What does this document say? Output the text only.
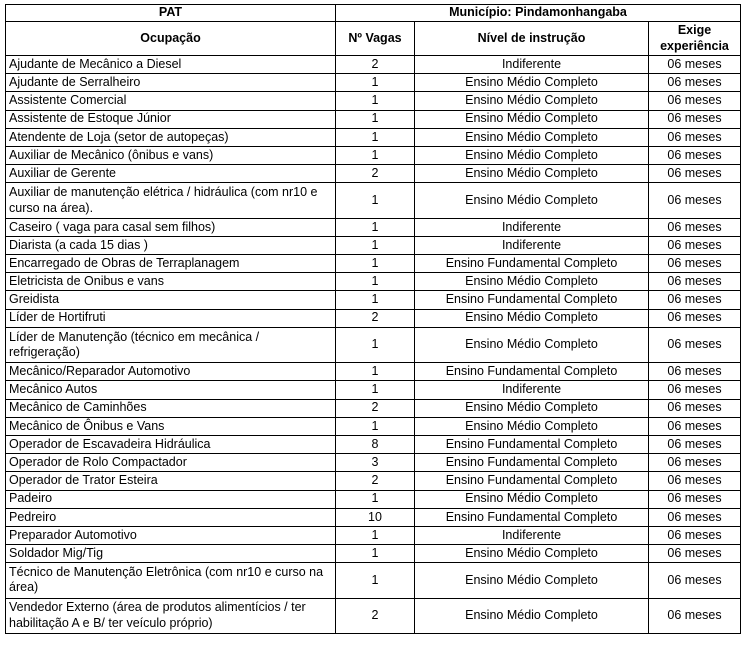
PAT	Município: Pindamonhangaba		
Ocupação	Nº Vagas	Nível de instrução	Exige experiência
Ajudante de Mecânico a Diesel	2	Indiferente	06 meses
Ajudante de Serralheiro	1	Ensino Médio Completo	06 meses
Assistente Comercial	1	Ensino Médio Completo	06 meses
Assistente de Estoque Júnior	1	Ensino Médio Completo	06 meses
Atendente de Loja (setor de autopeças)	1	Ensino Médio Completo	06 meses
Auxiliar de Mecânico (ônibus e vans)	1	Ensino Médio Completo	06 meses
Auxiliar de Gerente	2	Ensino Médio Completo	06 meses
Auxiliar de manutenção elétrica / hidráulica (com nr10 e curso na área).	1	Ensino Médio Completo	06 meses
Caseiro ( vaga para casal sem filhos)	1	Indiferente	06 meses
Diarista (a cada 15 dias )	1	Indiferente	06 meses
Encarregado de Obras de Terraplanagem	1	Ensino Fundamental Completo	06 meses
Eletricista de Onibus e vans	1	Ensino Médio Completo	06 meses
Greidista	1	Ensino Fundamental Completo	06 meses
Líder de Hortifruti	2	Ensino Médio Completo	06 meses
Líder de Manutenção (técnico em mecânica / refrigeração)	1	Ensino Médio Completo	06 meses
Mecânico/Reparador Automotivo	1	Ensino Fundamental Completo	06 meses
Mecânico Autos	1	Indiferente	06 meses
Mecânico de Caminhões	2	Ensino Médio Completo	06 meses
Mecânico de Ônibus e Vans	1	Ensino Médio Completo	06 meses
Operador de Escavadeira Hidráulica	8	Ensino Fundamental Completo	06 meses
Operador de Rolo Compactador	3	Ensino Fundamental Completo	06 meses
Operador de Trator Esteira	2	Ensino Fundamental Completo	06 meses
Padeiro	1	Ensino Médio Completo	06 meses
Pedreiro	10	Ensino Fundamental Completo	06 meses
Preparador Automotivo	1	Indiferente	06 meses
Soldador Mig/Tig	1	Ensino Médio Completo	06 meses
Técnico de Manutenção Eletrônica (com nr10 e curso na área)	1	Ensino Médio Completo	06 meses
Vendedor Externo (área de produtos alimentícios / ter habilitação A e B/ ter veículo próprio)	2	Ensino Médio Completo	06 meses
